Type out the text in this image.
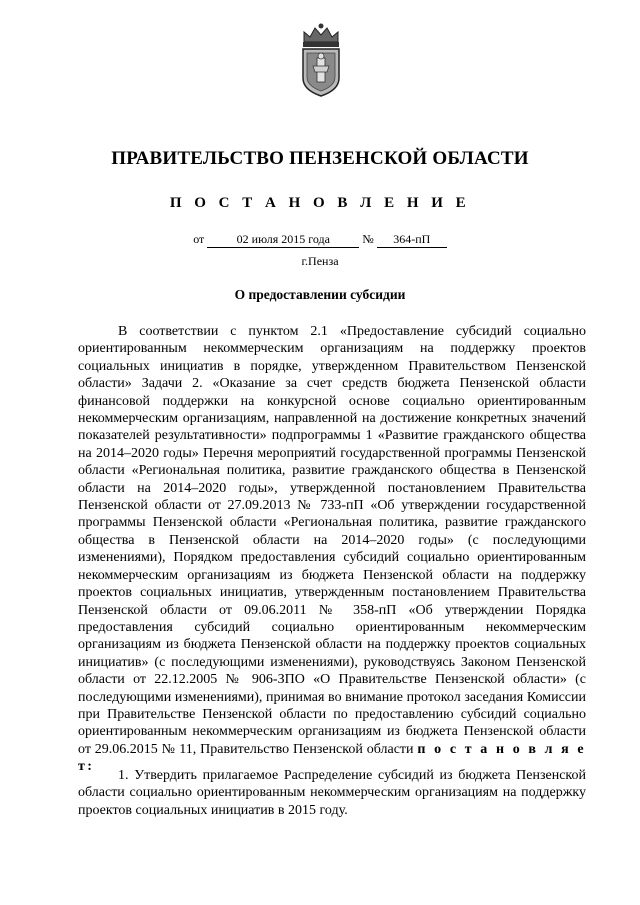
ПРАВИТЕЛЬСТВО ПЕНЗЕНСКОЙ ОБЛАСТИ
П О С Т А Н О В Л Е Н И Е
от	02 июля 2015 года	№ 364-пП
г.Пенза
О предоставлении субсидии

В соответствии с пунктом 2.1 «Предоставление субсидий социально ориентированным некоммерческим организациям на поддержку проектов социальных инициатив в порядке, утвержденном Правительством Пензенской области» Задачи 2. «Оказание за счет средств бюджета Пензенской области финансовой поддержки на конкурсной основе социально ориентированным некоммерческим организациям, направленной на достижение конкретных значений показателей результативности» подпрограммы 1 «Развитие гражданского общества на 2014–2020 годы» Перечня мероприятий государственной программы Пензенской области «Региональная политика, развитие гражданского общества в Пензенской области на 2014–2020 годы», утвержденной постановлением Правительства Пензенской области от 27.09.2013 № 733-пП «Об утверждении государственной программы Пензенской области «Региональная политика, развитие гражданского общества в Пензенской области на 2014–2020 годы» (с последующими изменениями), Порядком предоставления субсидий социально ориентированным некоммерческим организациям из бюджета Пензенской области на поддержку проектов социальных инициатив, утвержденным постановлением Правительства Пензенской области от 09.06.2011 № 358-пП «Об утверждении Порядка предоставления субсидий социально ориентированным некоммерческим организациям из бюджета Пензенской области на поддержку проектов социальных инициатив» (с последующими изменениями), руководствуясь Законом Пензенской области от 22.12.2005 № 906-ЗПО «О Правительстве Пензенской области» (с последующими изменениями), принимая во внимание протокол заседания Комиссии при Правительстве Пензенской области по предоставлению субсидий социально ориентированным некоммерческим организациям из бюджета Пензенской области от 29.06.2015 № 11, Правительство Пензенской области п о с т а н о в л я е т:

1. Утвердить прилагаемое Распределение субсидий из бюджета Пензенской области социально ориентированным некоммерческим организациям на поддержку проектов социальных инициатив в 2015 году.
